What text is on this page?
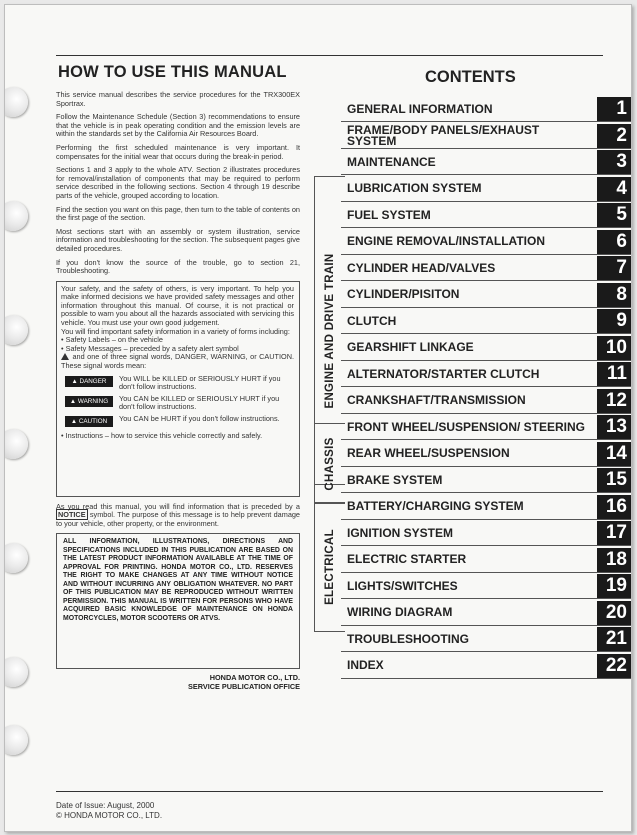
HOW TO USE THIS MANUAL

This service manual describes the service procedures for the TRX300EX Sportrax.

Follow the Maintenance Schedule (Section 3) recommendations to ensure that the vehicle is in peak operating condition and the emission levels are within the standards set by the California Air Resources Board.

Performing the first scheduled maintenance is very important. It compensates for the initial wear that occurs during the break-in period.

Sections 1 and 3 apply to the whole ATV. Section 2 illustrates procedures for removal/installation of components that may be required to perform service described in the following sections. Section 4 through 19 describe parts of the vehicle, grouped according to location.

Find the section you want on this page, then turn to the table of contents on the first page of the section.

Most sections start with an assembly or system illustration, service information and troubleshooting for the section. The subsequent pages give detailed procedures.

If you don't know the source of the trouble, go to section 21, Troubleshooting.

Your safety, and the safety of others, is very important. To help you make informed decisions we have provided safety messages and other information throughout this manual. Of course, it is not practical or possible to warn you about all the hazards associated with servicing this vehicle. You must use your own good judgement.

You will find important safety information in a variety of forms including:

• Safety Labels – on the vehicle

• Safety Messages – preceded by a safety alert symbol
and one of three signal words, DANGER, WARNING, or CAUTION. These signal words mean:

▲ DANGER	You WILL be KILLED or SERIOUSLY HURT if you don't follow instructions.
▲ WARNING	You CAN be KILLED or SERIOUSLY HURT if you don't follow instructions.
▲ CAUTION	You CAN be HURT if you don't follow instructions.

• Instructions – how to service this vehicle correctly and safely.

As you read this manual, you will find information that is preceded by a NOTICE symbol. The purpose of this message is to help prevent damage to your vehicle, other property, or the environment.

ALL INFORMATION, ILLUSTRATIONS, DIRECTIONS AND SPECIFICATIONS INCLUDED IN THIS PUBLICATION ARE BASED ON THE LATEST PRODUCT INFORMATION AVAILABLE AT THE TIME OF APPROVAL FOR PRINTING. HONDA MOTOR CO., LTD. RESERVES THE RIGHT TO MAKE CHANGES AT ANY TIME WITHOUT NOTICE AND WITHOUT INCURRING ANY OBLIGATION WHATEVER. NO PART OF THIS PUBLICATION MAY BE REPRODUCED WITHOUT WRITTEN PERMISSION. THIS MANUAL IS WRITTEN FOR PERSONS WHO HAVE ACQUIRED BASIC KNOWLEDGE OF MAINTENANCE ON HONDA MOTORCYCLES, MOTOR SCOOTERS OR ATVS.
HONDA MOTOR CO., LTD.
SERVICE PUBLICATION OFFICE
CONTENTS
ENGINE AND DRIVE TRAIN
CHASSIS
ELECTRICAL
GENERAL INFORMATION	1
FRAME/BODY PANELS/EXHAUST SYSTEM	2
MAINTENANCE	3
LUBRICATION SYSTEM	4
FUEL SYSTEM	5
ENGINE REMOVAL/INSTALLATION	6
CYLINDER HEAD/VALVES	7
CYLINDER/PISITON	8
CLUTCH	9
GEARSHIFT LINKAGE	10
ALTERNATOR/STARTER CLUTCH	11
CRANKSHAFT/TRANSMISSION	12
FRONT WHEEL/SUSPENSION/ STEERING	13
REAR WHEEL/SUSPENSION	14
BRAKE SYSTEM	15
BATTERY/CHARGING SYSTEM	16
IGNITION SYSTEM	17
ELECTRIC STARTER	18
LIGHTS/SWITCHES	19
WIRING DIAGRAM	20
TROUBLESHOOTING	21
INDEX	22
Date of Issue: August, 2000
© HONDA MOTOR CO., LTD.
